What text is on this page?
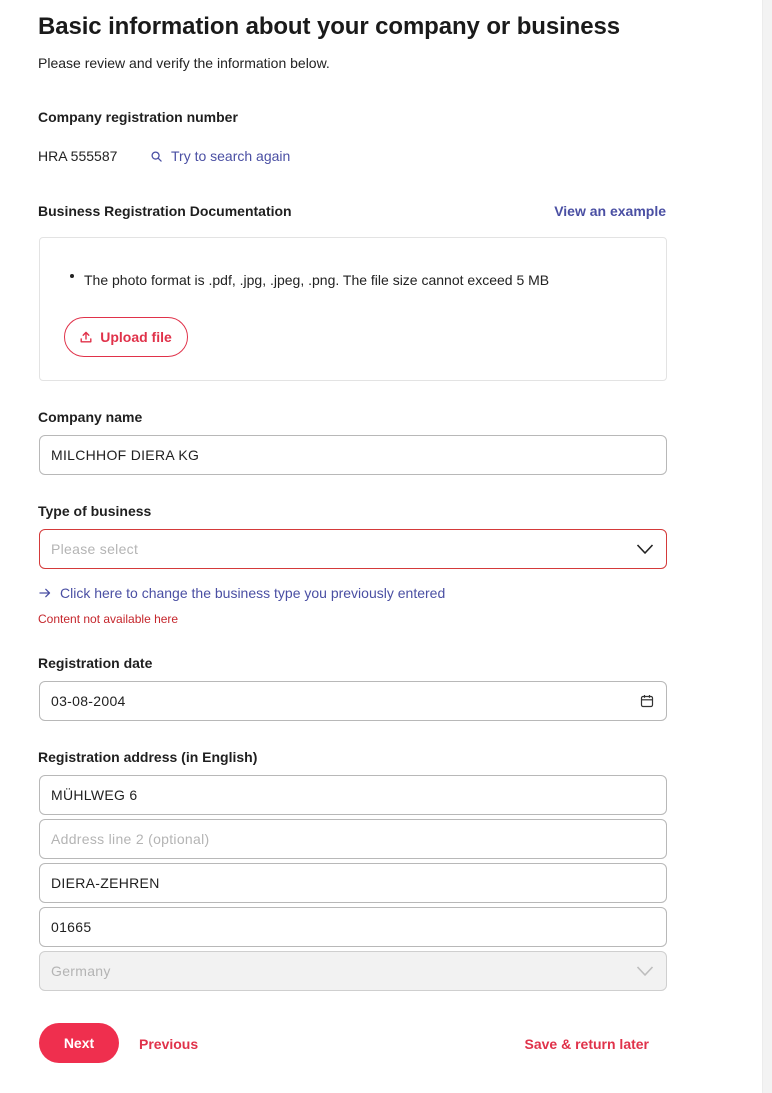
Basic information about your company or business
Please review and verify the information below.
Company registration number
HRA 555587	Try to search again
Business Registration Documentation	View an example
The photo format is .pdf, .jpg, .jpeg, .png. The file size cannot exceed 5 MB
Upload file
Company name
MILCHHOF DIERA KG
Type of business
Please select
Click here to change the business type you previously entered
Content not available here
Registration date
03-08-2004
Registration address (in English)
MÜHLWEG 6
Address line 2 (optional)
DIERA-ZEHREN
01665
Germany
Next	Previous	Save & return later
